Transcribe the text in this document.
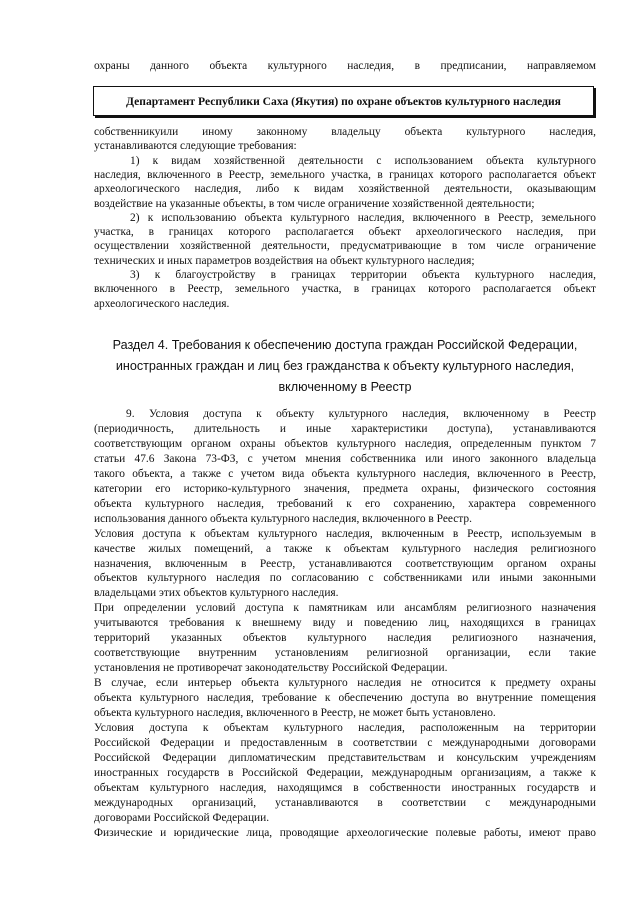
охраны данного объекта культурного наследия, в предписании, направляемом
Департамент Республики Саха (Якутия) по охране объектов культурного наследия
собственникуили иному законному владельцу объекта культурного наследия,
устанавливаются следующие требования:
1) к видам хозяйственной деятельности с использованием объекта культурного
наследия, включенного в Реестр, земельного участка, в границах которого располагается объект
археологического наследия, либо к видам хозяйственной деятельности, оказывающим
воздействие на указанные объекты, в том числе ограничение хозяйственной деятельности;
2) к использованию объекта культурного наследия, включенного в Реестр, земельного
участка, в границах которого располагается объект археологического наследия, при
осуществлении хозяйственной деятельности, предусматривающие в том числе ограничение
технических и иных параметров воздействия на объект культурного наследия;
3) к благоустройству в границах территории объекта культурного наследия,
включенного в Реестр, земельного участка, в границах которого располагается объект
археологического наследия.
Раздел 4. Требования к обеспечению доступа граждан Российской Федерации,
иностранных граждан и лиц без гражданства к объекту культурного наследия,
включенному в Реестр
9. Условия доступа к объекту культурного наследия, включенному в Реестр
(периодичность, длительность и иные характеристики доступа), устанавливаются
соответствующим органом охраны объектов культурного наследия, определенным пунктом 7
статьи 47.6 Закона 73-ФЗ, с учетом мнения собственника или иного законного владельца
такого объекта, а также с учетом вида объекта культурного наследия, включенного в Реестр,
категории его историко-культурного значения, предмета охраны, физического состояния
объекта культурного наследия, требований к его сохранению, характера современного
использования данного объекта культурного наследия, включенного в Реестр.
Условия доступа к объектам культурного наследия, включенным в Реестр, используемым в
качестве жилых помещений, а также к объектам культурного наследия религиозного
назначения, включенным в Реестр, устанавливаются соответствующим органом охраны
объектов культурного наследия по согласованию с собственниками или иными законными
владельцами этих объектов культурного наследия.
При определении условий доступа к памятникам или ансамблям религиозного назначения
учитываются требования к внешнему виду и поведению лиц, находящихся в границах
территорий указанных объектов культурного наследия религиозного назначения,
соответствующие внутренним установлениям религиозной организации, если такие
установления не противоречат законодательству Российской Федерации.
В случае, если интерьер объекта культурного наследия не относится к предмету охраны
объекта культурного наследия, требование к обеспечению доступа во внутренние помещения
объекта культурного наследия, включенного в Реестр, не может быть установлено.
Условия доступа к объектам культурного наследия, расположенным на территории
Российской Федерации и предоставленным в соответствии с международными договорами
Российской Федерации дипломатическим представительствам и консульским учреждениям
иностранных государств в Российской Федерации, международным организациям, а также к
объектам культурного наследия, находящимся в собственности иностранных государств и
международных организаций, устанавливаются в соответствии с международными
договорами Российской Федерации.
Физические и юридические лица, проводящие археологические полевые работы, имеют право
